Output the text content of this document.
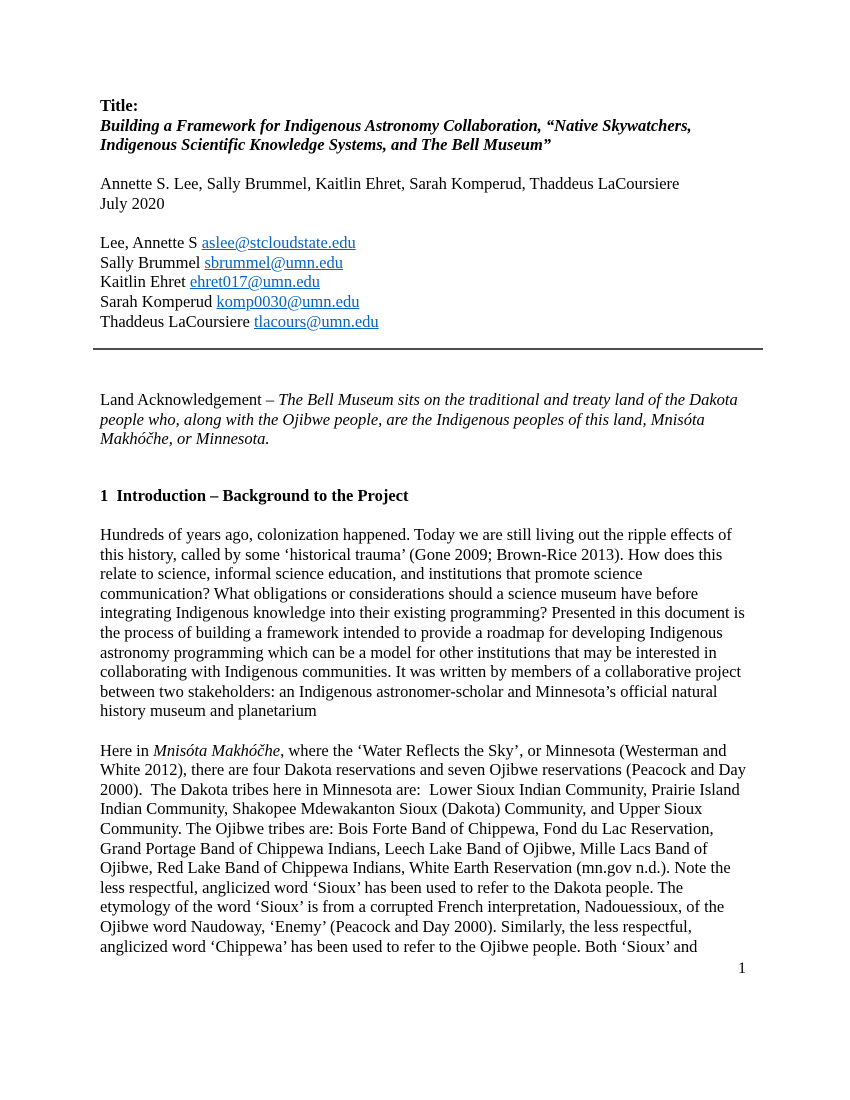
Title:

Building a Framework for Indigenous Astronomy Collaboration, “Native Skywatchers,

Indigenous Scientific Knowledge Systems, and The Bell Museum”

Annette S. Lee, Sally Brummel, Kaitlin Ehret, Sarah Komperud, Thaddeus LaCoursiere

July 2020

Lee, Annette S aslee@stcloudstate.edu

Sally Brummel sbrummel@umn.edu

Kaitlin Ehret ehret017@umn.edu

Sarah Komperud komp0030@umn.edu

Thaddeus LaCoursiere tlacours@umn.edu

Land Acknowledgement – The Bell Museum sits on the traditional and treaty land of the Dakota people who, along with the Ojibwe people, are the Indigenous peoples of this land, Mnisóta Makhóčhe, or Minnesota.

1  Introduction – Background to the Project

Hundreds of years ago, colonization happened. Today we are still living out the ripple effects of this history, called by some ‘historical trauma’ (Gone 2009; Brown-Rice 2013). How does this relate to science, informal science education, and institutions that promote science communication? What obligations or considerations should a science museum have before integrating Indigenous knowledge into their existing programming? Presented in this document is the process of building a framework intended to provide a roadmap for developing Indigenous astronomy programming which can be a model for other institutions that may be interested in collaborating with Indigenous communities. It was written by members of a collaborative project between two stakeholders: an Indigenous astronomer-scholar and Minnesota’s official natural history museum and planetarium

Here in Mnisóta Makhóčhe, where the ‘Water Reflects the Sky’, or Minnesota (Westerman and White 2012), there are four Dakota reservations and seven Ojibwe reservations (Peacock and Day 2000).  The Dakota tribes here in Minnesota are:  Lower Sioux Indian Community, Prairie Island Indian Community, Shakopee Mdewakanton Sioux (Dakota) Community, and Upper Sioux Community. The Ojibwe tribes are: Bois Forte Band of Chippewa, Fond du Lac Reservation, Grand Portage Band of Chippewa Indians, Leech Lake Band of Ojibwe, Mille Lacs Band of Ojibwe, Red Lake Band of Chippewa Indians, White Earth Reservation (mn.gov n.d.). Note the less respectful, anglicized word ‘Sioux’ has been used to refer to the Dakota people. The etymology of the word ‘Sioux’ is from a corrupted French interpretation, Nadouessioux, of the Ojibwe word Naudoway, ‘Enemy’ (Peacock and Day 2000). Similarly, the less respectful, anglicized word ‘Chippewa’ has been used to refer to the Ojibwe people. Both ‘Sioux’ and

1
